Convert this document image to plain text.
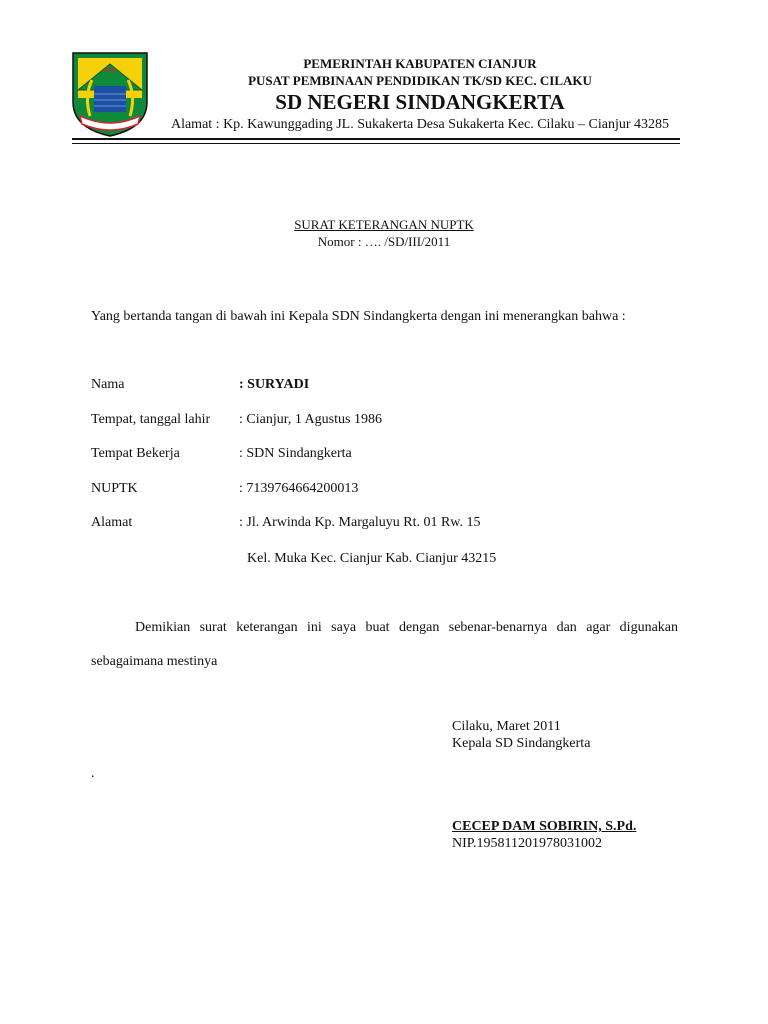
PEMERINTAH KABUPATEN CIANJUR
PUSAT PEMBINAAN PENDIDIKAN TK/SD KEC. CILAKU
SD NEGERI SINDANGKERTA
Alamat : Kp. Kawunggading JL. Sukakerta Desa Sukakerta Kec. Cilaku – Cianjur 43285
SURAT KETERANGAN NUPTK
Nomor : …. /SD/III/2011
Yang bertanda tangan di bawah ini Kepala SDN Sindangkerta dengan ini menerangkan bahwa :
Nama	: SURYADI
Tempat, tanggal lahir : Cianjur, 1 Agustus 1986
Tempat Bekerja	: SDN Sindangkerta
NUPTK	: 7139764664200013
Alamat	: Jl. Arwinda Kp. Margaluyu Rt. 01 Rw. 15
Kel. Muka Kec. Cianjur Kab. Cianjur 43215
Demikian surat keterangan ini saya buat dengan sebenar-benarnya dan agar digunakan
sebagaimana mestinya
Cilaku, Maret 2011
Kepala SD Sindangkerta
.
CECEP DAM SOBIRIN, S.Pd.
NIP.195811201978031002
